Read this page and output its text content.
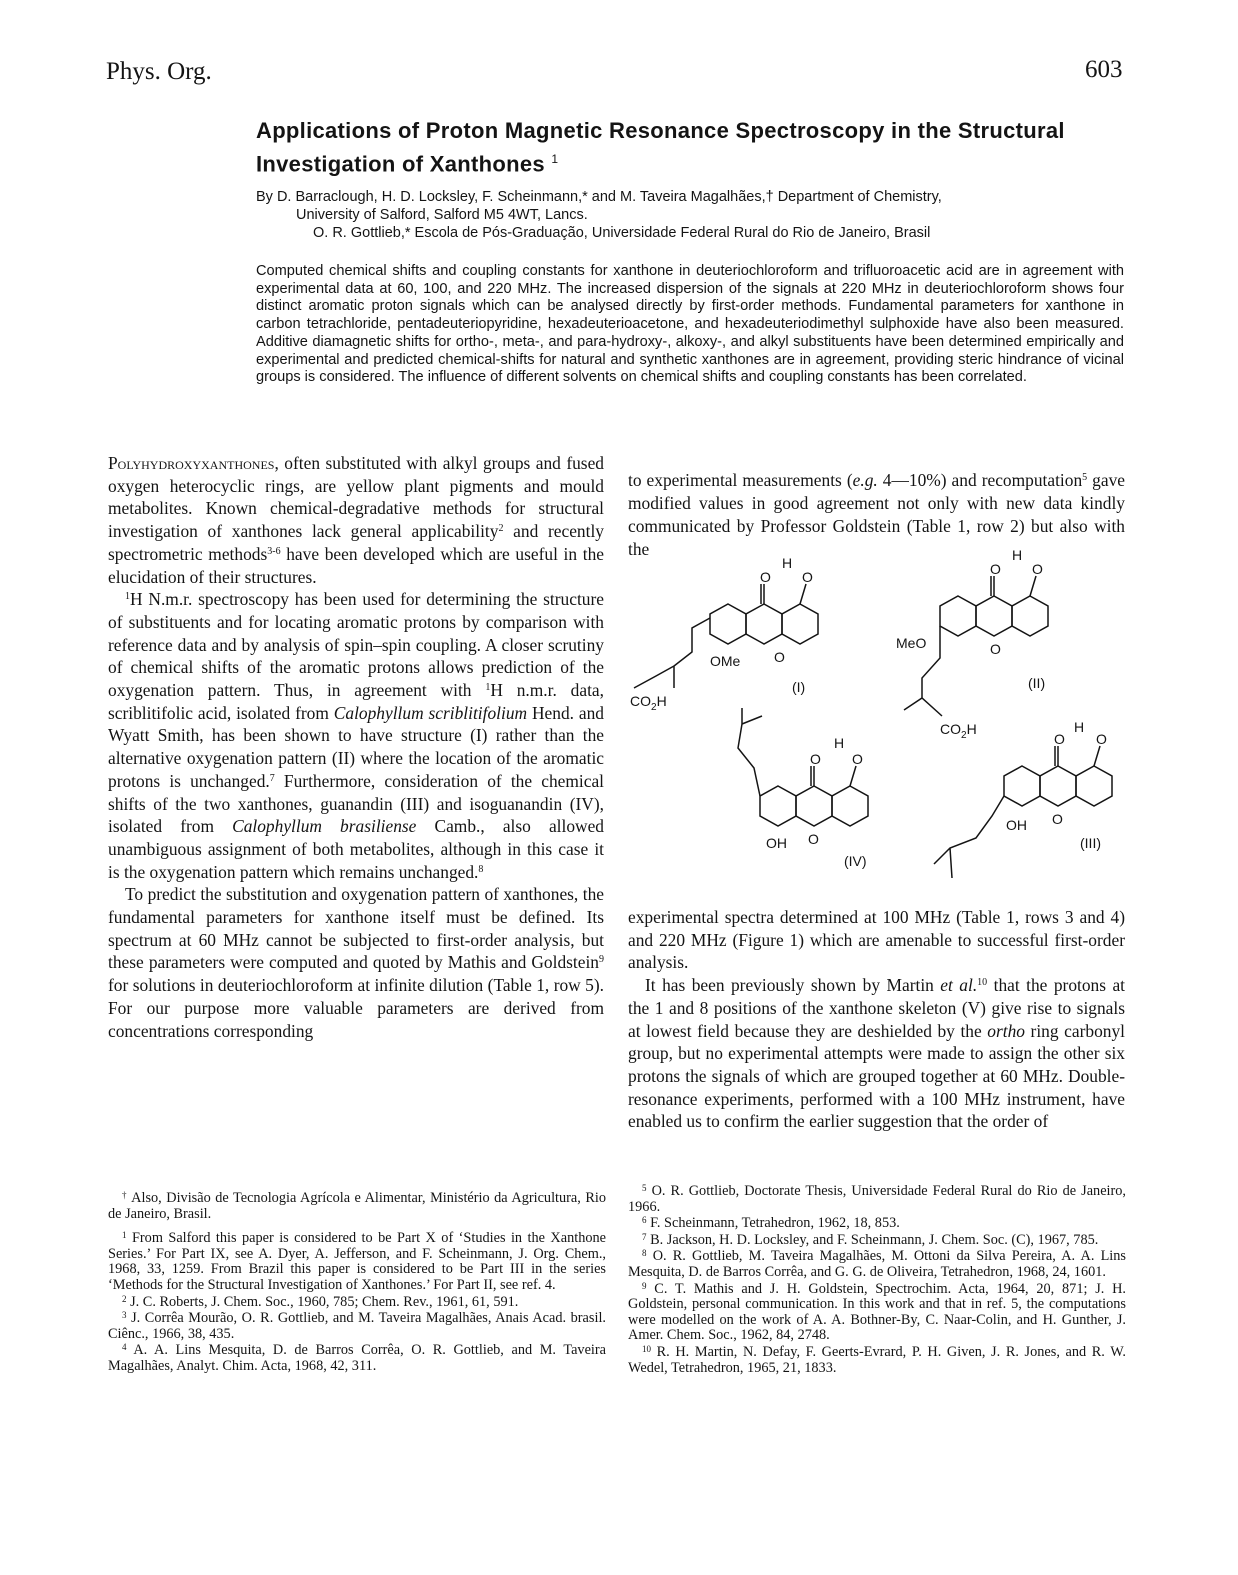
Phys. Org.	603
Applications of Proton Magnetic Resonance Spectroscopy in the Structural Investigation of Xanthones $^1$
By D. Barraclough, H. D. Locksley, F. Scheinmann,* and M. Taveira Magalhães,† Department of Chemistry,
University of Salford, Salford M5 4WT, Lancs.
O. R. Gottlieb,* Escola de Pós-Graduação, Universidade Federal Rural do Rio de Janeiro, Brasil
Computed chemical shifts and coupling constants for xanthone in deuteriochloroform and trifluoroacetic acid are in agreement with experimental data at 60, 100, and 220 MHz. The increased dispersion of the signals at 220 MHz in deuteriochloroform shows four distinct aromatic proton signals which can be analysed directly by first-order methods. Fundamental parameters for xanthone in carbon tetrachloride, pentadeuteriopyridine, hexadeuterioacetone, and hexadeuteriodimethyl sulphoxide have also been measured. Additive diamagnetic shifts for ortho-, meta-, and para-hydroxy-, alkoxy-, and alkyl substituents have been determined empirically and experimental and predicted chemical-shifts for natural and synthetic xanthones are in agreement, providing steric hindrance of vicinal groups is considered. The influence of different solvents on chemical shifts and coupling constants has been correlated.

Polyhydroxyxanthones, often substituted with alkyl groups and fused oxygen heterocyclic rings, are yellow plant pigments and mould metabolites. Known chemical-degradative methods for structural investigation of xanthones lack general applicability$^2$ and recently spectrometric methods$^{3-6}$ have been developed which are useful in the elucidation of their structures.

$^1$H N.m.r. spectroscopy has been used for determining the structure of substituents and for locating aromatic protons by comparison with reference data and by analysis of spin–spin coupling. A closer scrutiny of chemical shifts of the aromatic protons allows prediction of the oxygenation pattern. Thus, in agreement with $^1$H n.m.r. data, scriblitifolic acid, isolated from Calophyllum scriblitifolium Hend. and Wyatt Smith, has been shown to have structure (I) rather than the alternative oxygenation pattern (II) where the location of the aromatic protons is unchanged.$^7$ Furthermore, consideration of the chemical shifts of the two xanthones, guanandin (III) and isoguanandin (IV), isolated from Calophyllum brasiliense Camb., also allowed unambiguous assignment of both metabolites, although in this case it is the oxygenation pattern which remains unchanged.$^8$

To predict the substitution and oxygenation pattern of xanthones, the fundamental parameters for xanthone itself must be defined. Its spectrum at 60 MHz cannot be subjected to first-order analysis, but these parameters were computed and quoted by Mathis and Goldstein$^9$ for solutions in deuteriochloroform at infinite dilution (Table 1, row 5). For our purpose more valuable parameters are derived from concentrations corresponding

to experimental measurements (e.g. 4—10%) and recomputation$^5$ gave modified values in good agreement not only with new data kindly communicated by Professor Goldstein (Table 1, row 2) but also with the

O
H
O
OMe O
$CO_2H$
(I)
O
H
O
MeO	O
$CO_2H$
(II)
O
H
O
OH O
(IV)
O
H
O
OH O
(III)

experimental spectra determined at 100 MHz (Table 1, rows 3 and 4) and 220 MHz (Figure 1) which are amenable to successful first-order analysis.

It has been previously shown by Martin et al.$^{10}$ that the protons at the 1 and 8 positions of the xanthone skeleton (V) give rise to signals at lowest field because they are deshielded by the ortho ring carbonyl group, but no experimental attempts were made to assign the other six protons the signals of which are grouped together at 60 MHz. Double-resonance experiments, performed with a 100 MHz instrument, have enabled us to confirm the earlier suggestion that the order of

† Also, Divisão de Tecnologia Agrícola e Alimentar, Ministério da Agricultura, Rio de Janeiro, Brasil.

$^1$ From Salford this paper is considered to be Part X of ‘Studies in the Xanthone Series.’ For Part IX, see A. Dyer, A. Jefferson, and F. Scheinmann, J. Org. Chem., 1968, 33, 1259. From Brazil this paper is considered to be Part III in the series ‘Methods for the Structural Investigation of Xanthones.’ For Part II, see ref. 4.

$^2$ J. C. Roberts, J. Chem. Soc., 1960, 785; Chem. Rev., 1961, 61, 591.

$^3$ J. Corrêa Mourão, O. R. Gottlieb, and M. Taveira Magalhães, Anais Acad. brasil. Ciênc., 1966, 38, 435.

$^4$ A. A. Lins Mesquita, D. de Barros Corrêa, O. R. Gottlieb, and M. Taveira Magalhães, Analyt. Chim. Acta, 1968, 42, 311.

$^5$ O. R. Gottlieb, Doctorate Thesis, Universidade Federal Rural do Rio de Janeiro, 1966.

$^6$ F. Scheinmann, Tetrahedron, 1962, 18, 853.

$^7$ B. Jackson, H. D. Locksley, and F. Scheinmann, J. Chem. Soc. (C), 1967, 785.

$^8$ O. R. Gottlieb, M. Taveira Magalhães, M. Ottoni da Silva Pereira, A. A. Lins Mesquita, D. de Barros Corrêa, and G. G. de Oliveira, Tetrahedron, 1968, 24, 1601.

$^9$ C. T. Mathis and J. H. Goldstein, Spectrochim. Acta, 1964, 20, 871; J. H. Goldstein, personal communication. In this work and that in ref. 5, the computations were modelled on the work of A. A. Bothner-By, C. Naar-Colin, and H. Gunther, J. Amer. Chem. Soc., 1962, 84, 2748.

$^{10}$ R. H. Martin, N. Defay, F. Geerts-Evrard, P. H. Given, J. R. Jones, and R. W. Wedel, Tetrahedron, 1965, 21, 1833.
